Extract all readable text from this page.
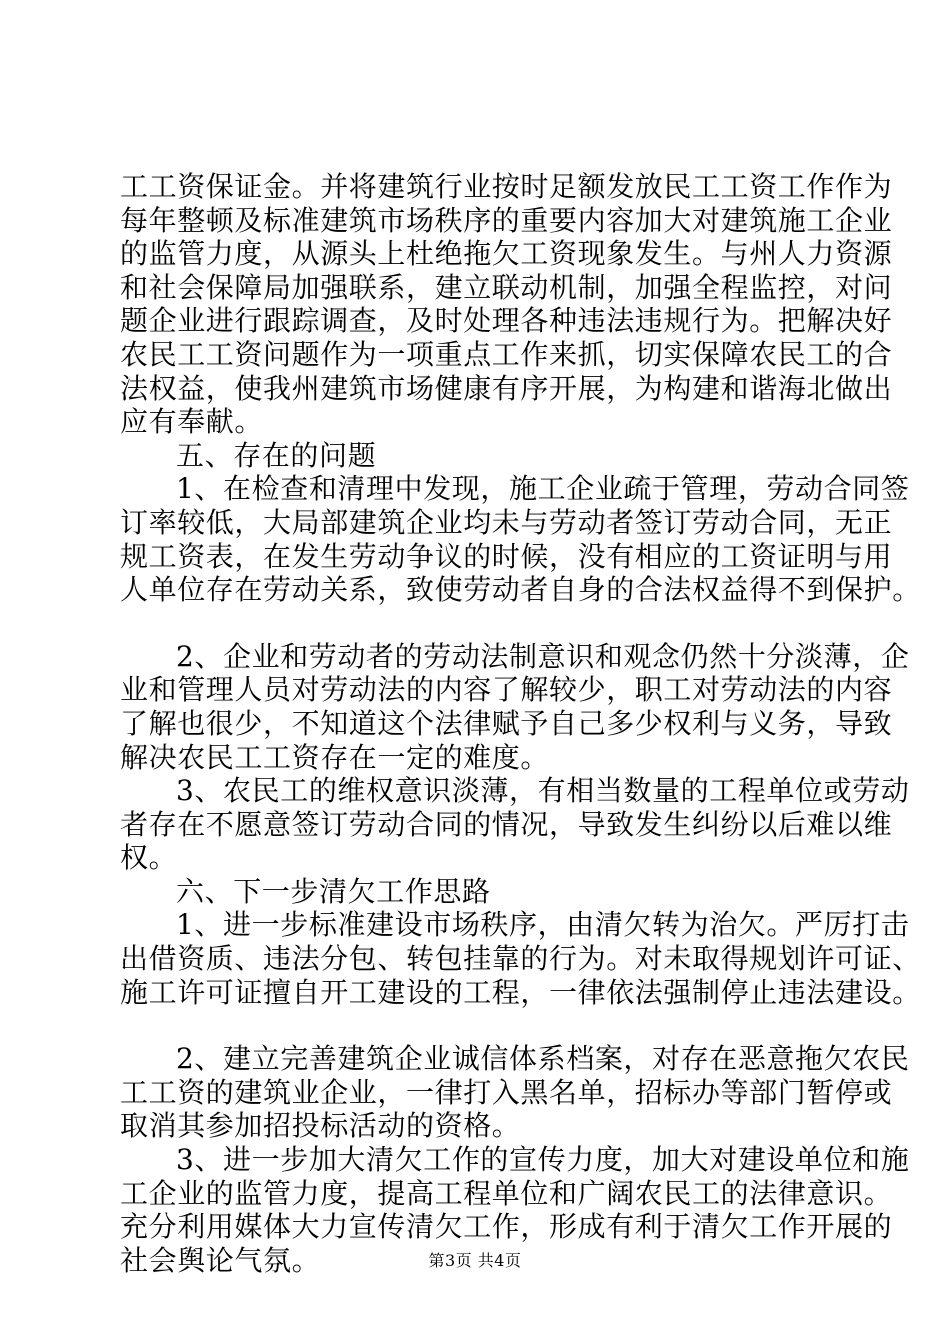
工工资保证金。并将建筑行业按时足额发放民工工资工作作为
每年整顿及标准建筑市场秩序的重要内容加大对建筑施工企业
的监管力度，从源头上杜绝拖欠工资现象发生。与州人力资源
和社会保障局加强联系，建立联动机制，加强全程监控，对问
题企业进行跟踪调查，及时处理各种违法违规行为。把解决好
农民工工资问题作为一项重点工作来抓，切实保障农民工的合
法权益，使我州建筑市场健康有序开展，为构建和谐海北做出
应有奉献。
五、存在的问题
1、在检查和清理中发现，施工企业疏于管理，劳动合同签
订率较低，大局部建筑企业均未与劳动者签订劳动合同，无正
规工资表，在发生劳动争议的时候，没有相应的工资证明与用
人单位存在劳动关系，致使劳动者自身的合法权益得不到保护。
2、企业和劳动者的劳动法制意识和观念仍然十分淡薄，企
业和管理人员对劳动法的内容了解较少，职工对劳动法的内容
了解也很少，不知道这个法律赋予自己多少权利与义务，导致
解决农民工工资存在一定的难度。
3、农民工的维权意识淡薄，有相当数量的工程单位或劳动
者存在不愿意签订劳动合同的情况，导致发生纠纷以后难以维
权。
六、下一步清欠工作思路
1、进一步标准建设市场秩序，由清欠转为治欠。严厉打击
出借资质、违法分包、转包挂靠的行为。对未取得规划许可证、
施工许可证擅自开工建设的工程，一律依法强制停止违法建设。
2、建立完善建筑企业诚信体系档案，对存在恶意拖欠农民
工工资的建筑业企业，一律打入黑名单，招标办等部门暂停或
取消其参加招投标活动的资格。
3、进一步加大清欠工作的宣传力度，加大对建设单位和施
工企业的监管力度，提高工程单位和广阔农民工的法律意识。
充分利用媒体大力宣传清欠工作，形成有利于清欠工作开展的
社会舆论气氛。	第3页 共4页
